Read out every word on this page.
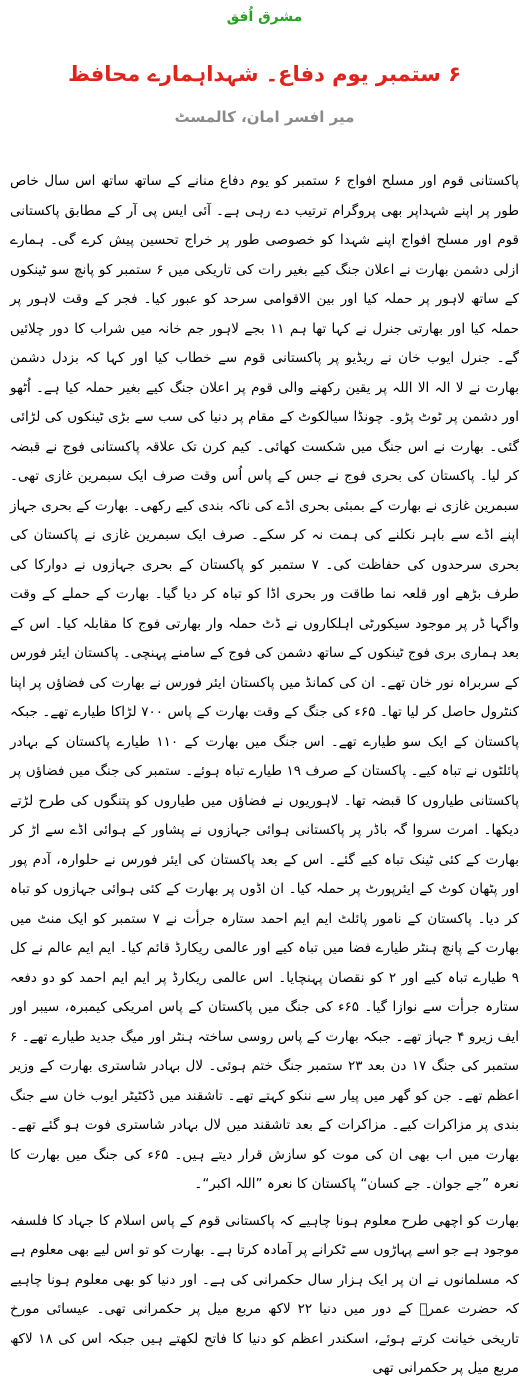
مشرق اُفق
۶ ستمبر یوم دفاع۔ شہداہمارے محافظ
میر افسر امان، کالمسٹ

پاکستانی قوم اور مسلح افواج ۶ ستمبر کو یوم دفاع منانے کے ساتھ ساتھ اس سال خاص طور پر اپنے شہداپر بھی پروگرام ترتیب دے رہی ہے۔ آئی ایس پی آر کے مطابق پاکستانی قوم اور مسلح افواج اپنے شہدا کو خصوصی طور پر خراج تحسین پیش کرے گی۔ ہمارے ازلی دشمن بھارت نے اعلان جنگ کیے بغیر رات کی تاریکی میں ۶ ستمبر کو پانچ سو ٹینکوں کے ساتھ لاہور پر حملہ کیا اور بین الاقوامی سرحد کو عبور کیا۔ فجر کے وقت لاہور پر حملہ کیا اور بھارتی جنرل نے کہا تھا ہم ۱۱ بجے لاہور جم خانہ میں شراب کا دور چلائیں گے۔ جنرل ایوب خان نے ریڈیو پر پاکستانی قوم سے خطاب کیا اور کہا کہ بزدل دشمن بھارت نے لا الہ الا اللہ پر یقین رکھنے والی قوم پر اعلان جنگ کیے بغیر حملہ کیا ہے۔ اُٹھو اور دشمن پر ٹوٹ پڑو۔ چونڈا سیالکوٹ کے مقام پر دنیا کی سب سے بڑی ٹینکوں کی لڑائی گئی۔ بھارت نے اس جنگ میں شکست کھائی۔ کیم کرن تک علاقہ پاکستانی فوج نے قبضہ کر لیا۔ پاکستان کی بحری فوج نے جس کے پاس اُس وقت صرف ایک سبمرین غازی تھی۔ سبمرین غازی نے بھارت کے بمبئی بحری اڈے کی ناکہ بندی کیے رکھی۔ بھارت کے بحری جہاز اپنے اڈے سے باہر نکلنے کی ہمت نہ کر سکے۔ صرف ایک سبمرین غازی نے پاکستان کی بحری سرحدوں کی حفاظت کی۔ ۷ ستمبر کو پاکستان کے بحری جہازوں نے دوارکا کی طرف بڑھے اور قلعہ نما طاقت ور بحری اڈا کو تباہ کر دیا گیا۔ بھارت کے حملے کے وقت واگہا ڈر پر موجود سیکورٹی اہلکاروں نے ڈٹ حملہ وار بھارتی فوج کا مقابلہ کیا۔ اس کے بعد ہماری بری فوج ٹینکوں کے ساتھ دشمن کی فوج کے سامنے پہنچی۔ پاکستان ایئر فورس کے سربراہ نور خان تھے۔ ان کی کمانڈ میں پاکستان ایئر فورس نے بھارت کی فضاؤں پر اپنا کنٹرول حاصل کر لیا تھا۔ ۶۵ء کی جنگ کے وقت بھارت کے پاس ۷۰۰ لڑاکا طیارے تھے۔ جبکہ پاکستان کے ایک سو طیارے تھے۔ اس جنگ میں بھارت کے ۱۱۰ طیارے پاکستان کے بہادر پائلٹوں نے تباہ کیے۔ پاکستان کے صرف ۱۹ طیارے تباہ ہوئے۔ ستمبر کی جنگ میں فضاؤں پر پاکستانی طیاروں کا قبضہ تھا۔ لاہوریوں نے فضاؤں میں طیاروں کو پتنگوں کی طرح لڑتے دیکھا۔ امرت سروا گہ باڈر پر پاکستانی ہوائی جہازوں نے پشاور کے ہوائی اڈے سے اڑ کر بھارت کے کئی ٹینک تباہ کیے گئے۔ اس کے بعد پاکستان کی ایئر فورس نے حلوارہ، آدم پور اور پٹھان کوٹ کے ایئرپورٹ پر حملہ کیا۔ ان اڈوں پر بھارت کے کئی ہوائی جہازوں کو تباہ کر دیا۔ پاکستان کے نامور پائلٹ ایم ایم احمد ستارہ جرأت نے ۷ ستمبر کو ایک منٹ میں بھارت کے پانچ ہنٹر طیارے فضا میں تباہ کیے اور عالمی ریکارڈ قائم کیا۔ ایم ایم عالم نے کل ۹ طیارے تباہ کیے اور ۲ کو نقصان پہنچایا۔ اس عالمی ریکارڈ پر ایم ایم احمد کو دو دفعہ ستارہ جرأت سے نوازا گیا۔ ۶۵ء کی جنگ میں پاکستان کے پاس امریکی کیمبرہ، سیبر اور ایف زیرو ۴ جہاز تھے۔ جبکہ بھارت کے پاس روسی ساختہ ہنٹر اور میگ جدید طیارے تھے۔ ۶ ستمبر کی جنگ ۱۷ دن بعد ۲۳ ستمبر جنگ ختم ہوئی۔ لال بہادر شاستری بھارت کے وزیر اعظم تھے۔ جن کو گھر میں پیار سے ننکو کہتے تھے۔ تاشقند میں ڈکٹیٹر ایوب خان سے جنگ بندی پر مزاکرات کیے۔ مزاکرات کے بعد تاشقند میں لال بہادر شاستری فوت ہو گئے تھے۔ بھارت میں اب بھی ان کی موت کو سازش قرار دیتے ہیں۔ ۶۵ء کی جنگ میں بھارت کا نعرہ ”جے جوان۔ جے کسان“ پاکستان کا نعرہ ”اللہ اکبر“۔

بھارت کو اچھی طرح معلوم ہونا چاہیے کہ پاکستانی قوم کے پاس اسلام کا جہاد کا فلسفہ موجود ہے جو اسے پہاڑوں سے ٹکرانے پر آمادہ کرتا ہے۔ بھارت کو تو اس لیے بھی معلوم ہے کہ مسلمانوں نے ان پر ایک ہزار سال حکمرانی کی ہے۔ اور دنیا کو بھی معلوم ہونا چاہیے کہ حضرت عمرؓ کے دور میں دنیا ۲۲ لاکھ مربع میل پر حکمرانی تھی۔ عیسائی مورخ تاریخی خیانت کرتے ہوئے، اسکندر اعظم کو دنیا کا فاتح لکھتے ہیں جبکہ اس کی ۱۸ لاکھ مربع میل پر حکمرانی تھی
